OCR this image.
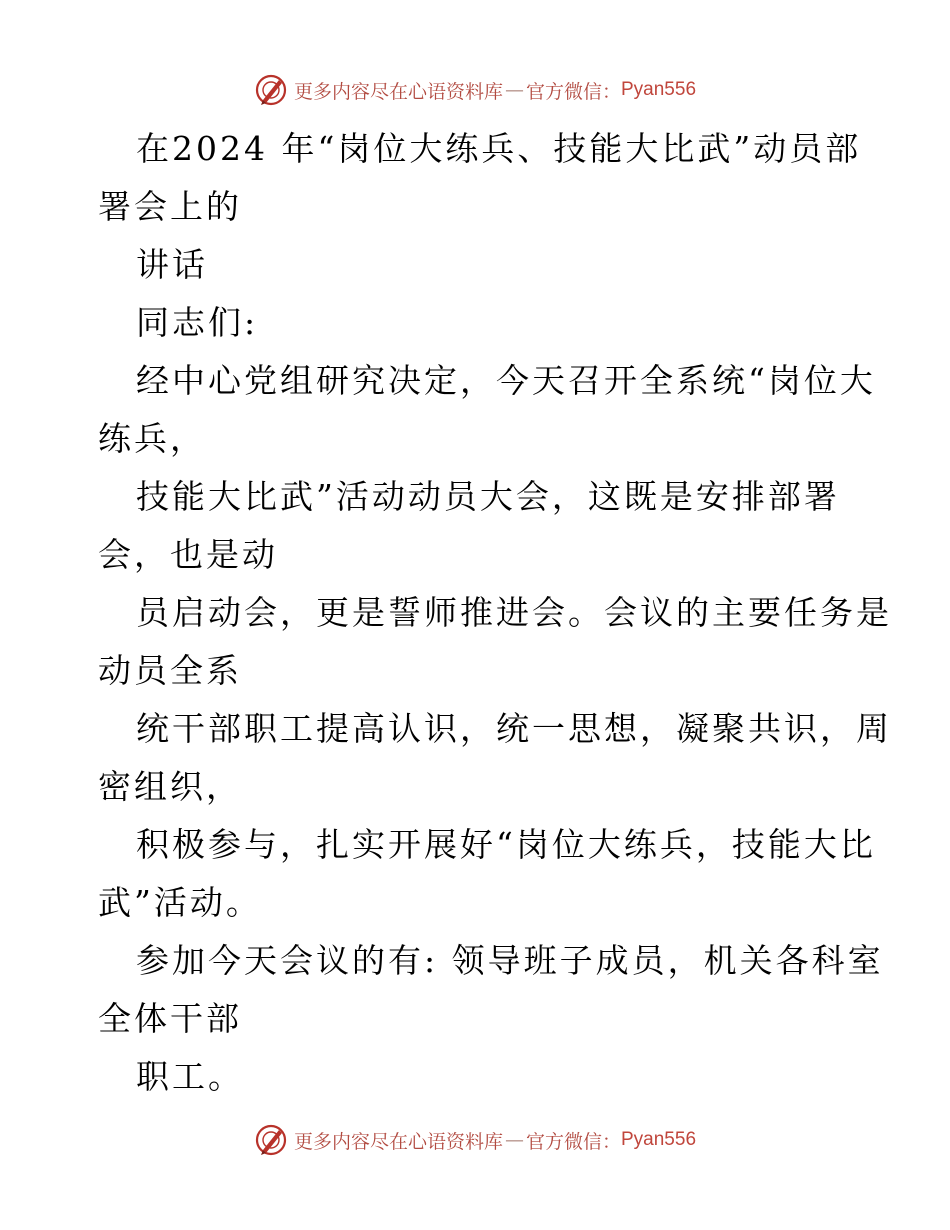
更多内容尽在心语资料库 — 官方微信： Pyan556
在2024 年“岗位大练兵、技能大比武”动员部
署会上的
讲话
同志们:
经中心党组研究决定，今天召开全系统“岗位大
练兵，
技能大比武”活动动员大会，这既是安排部署
会，也是动
员启动会，更是誓师推进会。会议的主要任务是
动员全系
统干部职工提高认识，统一思想，凝聚共识，周
密组织，
积极参与，扎实开展好“岗位大练兵，技能大比
武”活动。
参加今天会议的有: 领导班子成员，机关各科室
全体干部
职工。
更多内容尽在心语资料库 — 官方微信： Pyan556
